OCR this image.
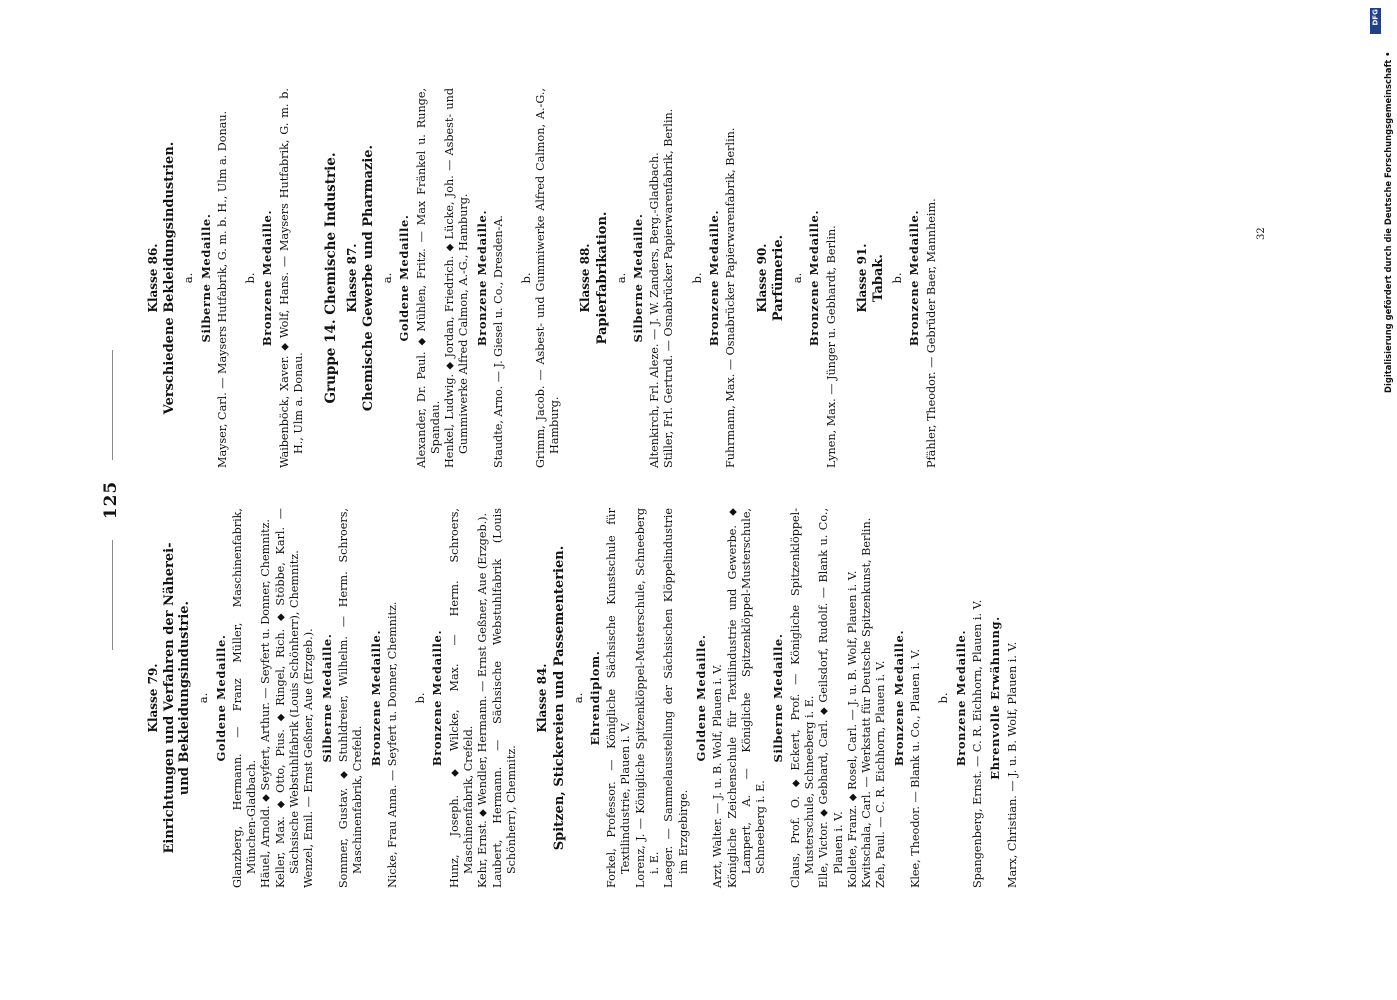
125
Klasse 79. Einrichtungen und Verfahren der Näherei- und Bekleidungsindustrie. a. Goldene Medaille. Glanzberg, Hermann. — Franz Müller, Maschinenfabrik, München-Gladbach. Häuel, Arnold. ⬥ Seyfert, Arthur. — Seyfert u. Donner, Chemnitz. Keller, Max. ⬥ Otto, Pius. ⬥ Ringel, Rich. ⬥ Stöbbe, Karl. — Sächsische Webstuhlfabrik (Louis Schönherr), Chemnitz. Wenzel, Emil. — Ernst Geßner, Aue (Erzgeb.). Silberne Medaille. Sommer, Gustav. ⬥ Stuhldreier, Wilhelm. — Herm. Schroers, Maschinenfabrik, Crefeld.
Bronzene Medaille. Nicke, Frau Anna. — Seyfert u. Donner, Chemnitz. b. Bronzene Medaille. Hunz, Joseph. ⬥ Wilcke, Max. — Herm. Schroers, Maschinenfabrik, Crefeld. Kehr, Ernst. ⬥ Wendler, Hermann. — Ernst Geßner, Aue (Erzgeb.). Laubert, Hermann. — Sächsische Webstuhlfabrik (Louis Schönherr), Chemnitz.
Klasse 84. Spitzen, Stickereien und Passementerien. a. Ehrendiplom. Forkel, Professor. — Königliche Sächsische Kunstschule für Textilindustrie, Plauen i. V. Lorenz, J. — Königliche Spitzenklöppel-Musterschule, Schneeberg i. E. Laeger. — Sammelausstellung der Sächsischen Klöppelindustrie im Erzgebirge.
Goldene Medaille. Arzt, Walter. — J. u. B. Wolf, Plauen i. V. Königliche Zeichenschule für Textilindustrie und Gewerbe. ⬥ Lampert, A. — Königliche Spitzenklöppel-Musterschule, Schneeberg i. E.
Silberne Medaille. Claus, Prof. O. ⬥ Eckert, Prof. — Königliche Spitzenklöppel-Musterschule, Schneeberg i. E. Elle, Victor. ⬥ Gebhard, Carl. ⬥ Geilsdorf, Rudolf. — Blank u. Co., Plauen i. V. Kollete, Franz. ⬥ Rosel, Carl. — J. u. B. Wolf, Plauen i. V. Kwitschala, Carl. — Werkstatt für Deutsche Spitzenkunst, Berlin. Zeh, Paul. — C. R. Eichhorn, Plauen i. V. Bronzene Medaille. Klee, Theodor. — Blank u. Co., Plauen i. V. b. Bronzene Medaille. Spangenberg, Ernst. — C. R. Eichhorn, Plauen i. V. Ehrenvolle Erwähnung. Marx, Christian. — J. u. B. Wolf, Plauen i. V.
Klasse 86. Verschiedene Bekleidungsindustrien. a. Silberne Medaille. Mayser, Carl. — Maysers Hutfabrik, G. m. b. H., Ulm a. Donau. b. Bronzene Medaille. Waibenböck, Xaver. ⬥ Wolf, Hans. — Maysers Hutfabrik, G. m. b. H., Ulm a. Donau. Gruppe 14. Chemische Industrie. Klasse 87. Chemische Gewerbe und Pharmazie. a. Goldene Medaille. Alexander, Dr. Paul. ⬥ Mühlen, Fritz. — Max Fränkel u. Runge, Spandau. Henkel, Ludwig. ⬥ Jordan, Friedrich. ⬥ Lücke, Joh. — Asbest- und Gummiwerke Alfred Calmon, A.-G., Hamburg. Bronzene Medaille. Staudte, Arno. — J. Giesel u. Co., Dresden-A. b. Grimm, Jacob. — Asbest- und Gummiwerke Alfred Calmon, A.-G., Hamburg.
Klasse 88. Papierfabrikation. a. Silberne Medaille. Altenkirch, Frl. Aleze. — J. W. Zanders, Berg.-Gladbach. Stiller, Frl. Gertrud. — Osnabrücker Papierwarenfabrik, Berlin. b. Bronzene Medaille. Fuhrmann, Max. — Osnabrücker Papierwarenfabrik, Berlin. Klasse 90. Parfümerie. a. Bronzene Medaille. Lynen, Max. — Jünger u. Gebhardt, Berlin. Klasse 91. Tabak. b. Bronzene Medaille. Pfähler, Theodor. — Gebrüder Baer, Mannheim.	32
DFG
Digitalisierung gefördert durch die Deutsche Forschungsgemeinschaft •
